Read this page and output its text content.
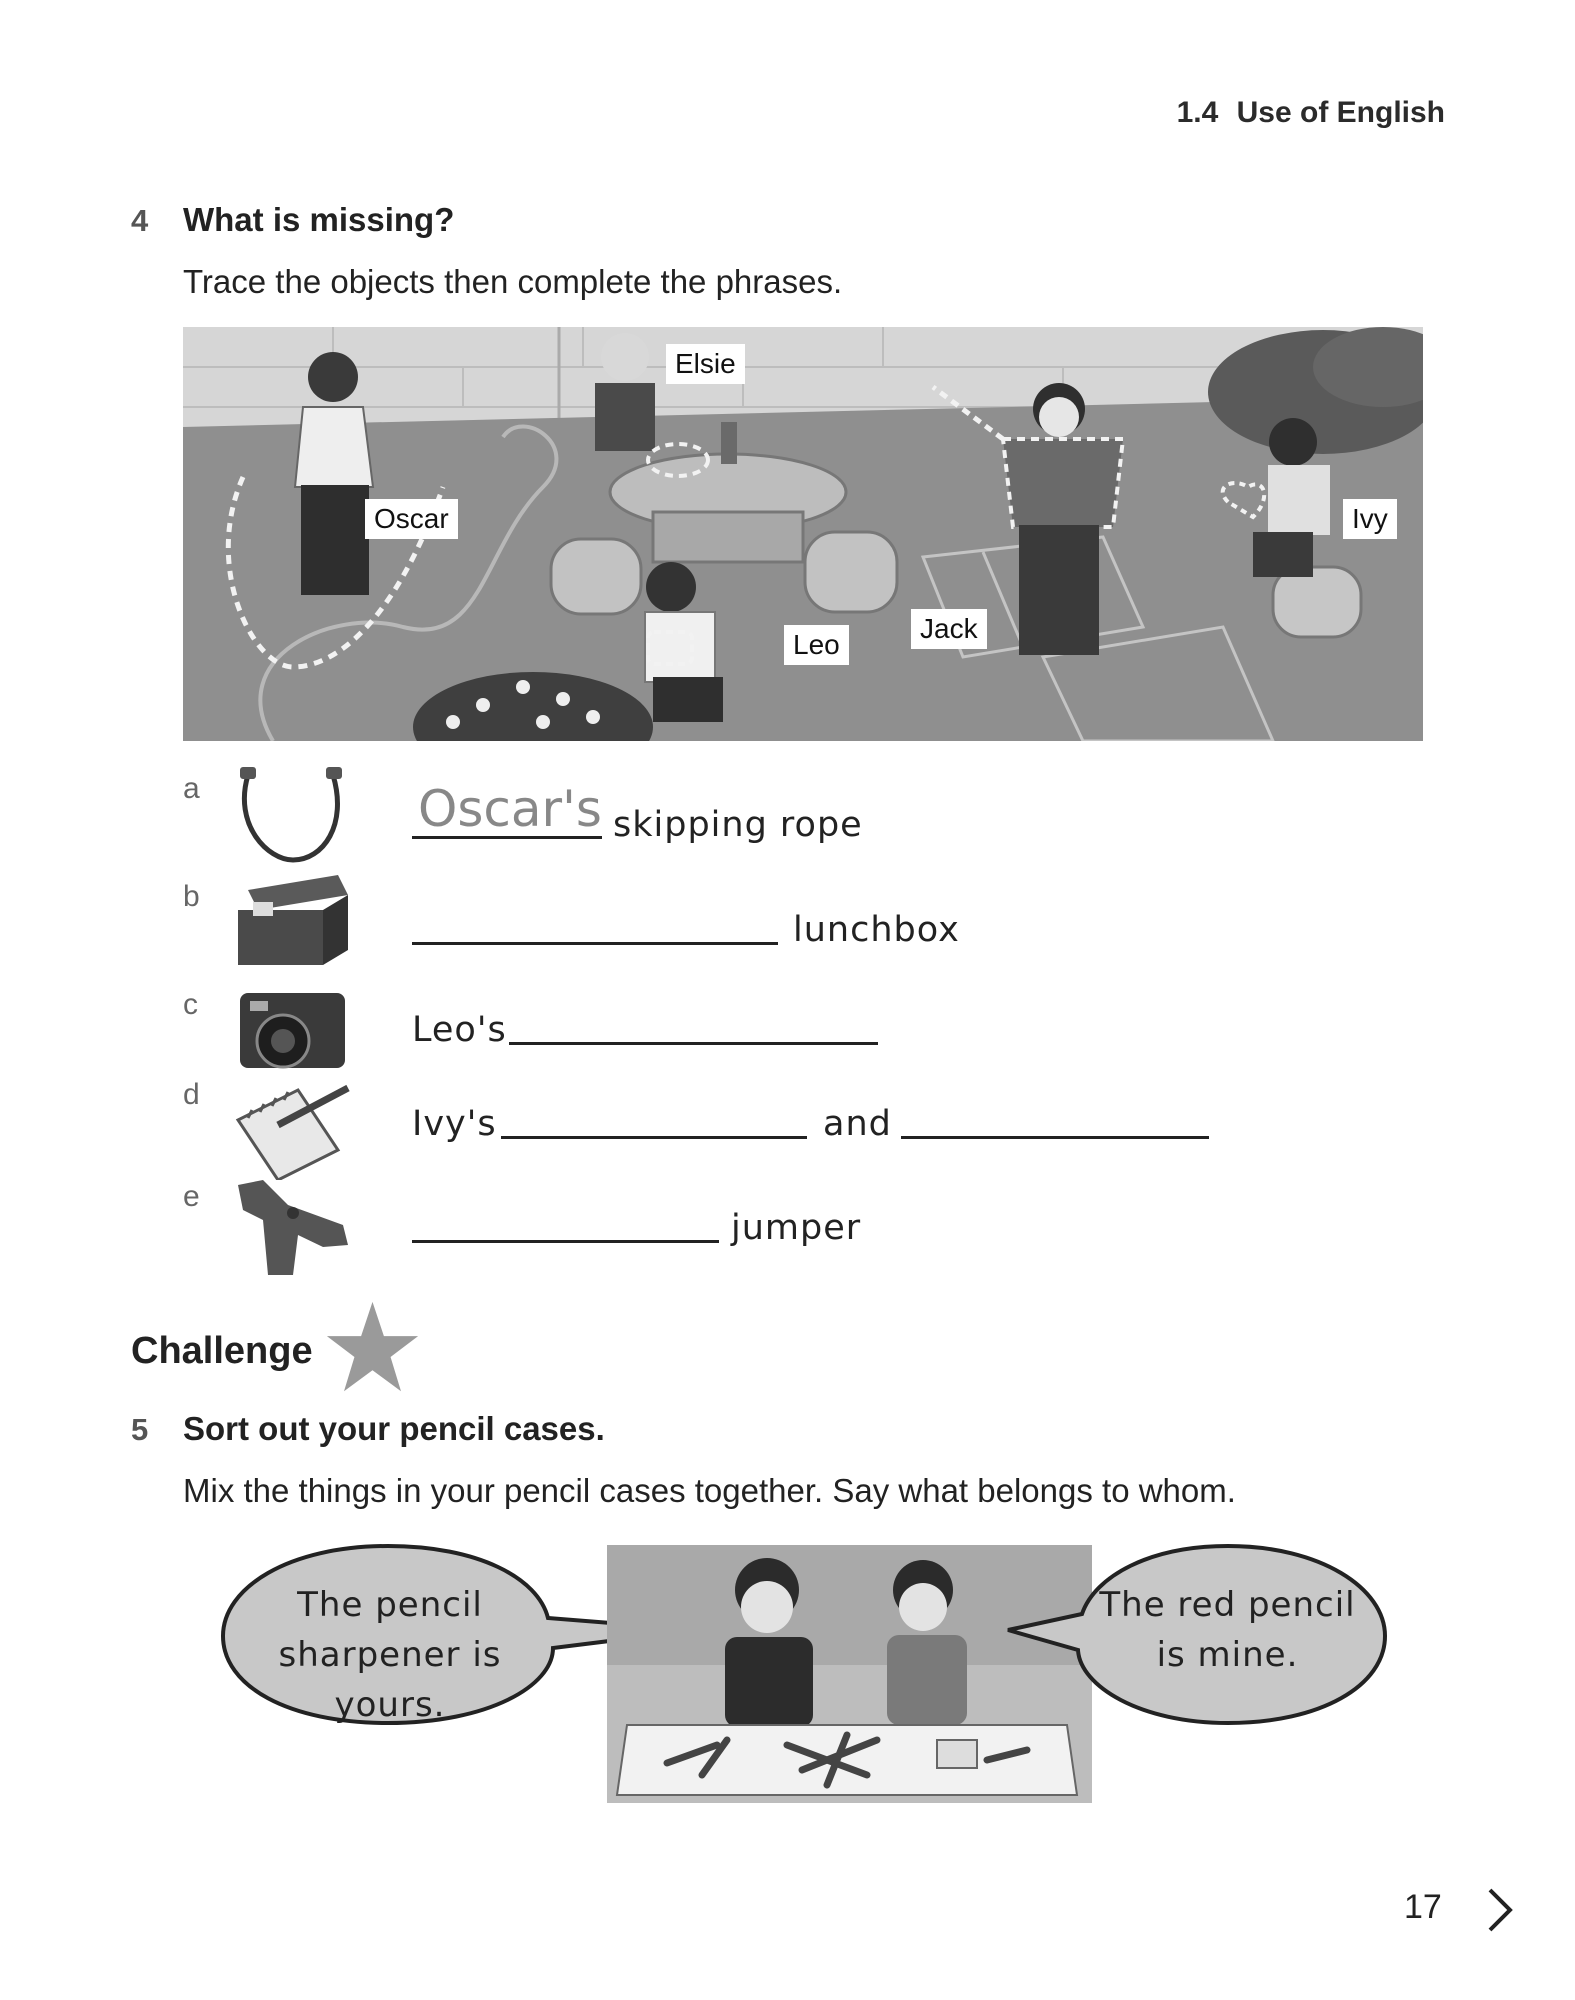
1.4 Use of English
4 What is missing?
Trace the objects then complete the phrases.
Oscar
Elsie
Leo
Jack
Ivy
a	Oscar's skipping rope
b
lunchbox
c
Leo's
d
Ivy's	and
e
jumper
Challenge
5 Sort out your pencil cases.
Mix the things in your pencil cases together. Say what belongs to whom.
The pencil
sharpener is yours.
The red pencil
is mine.
17
